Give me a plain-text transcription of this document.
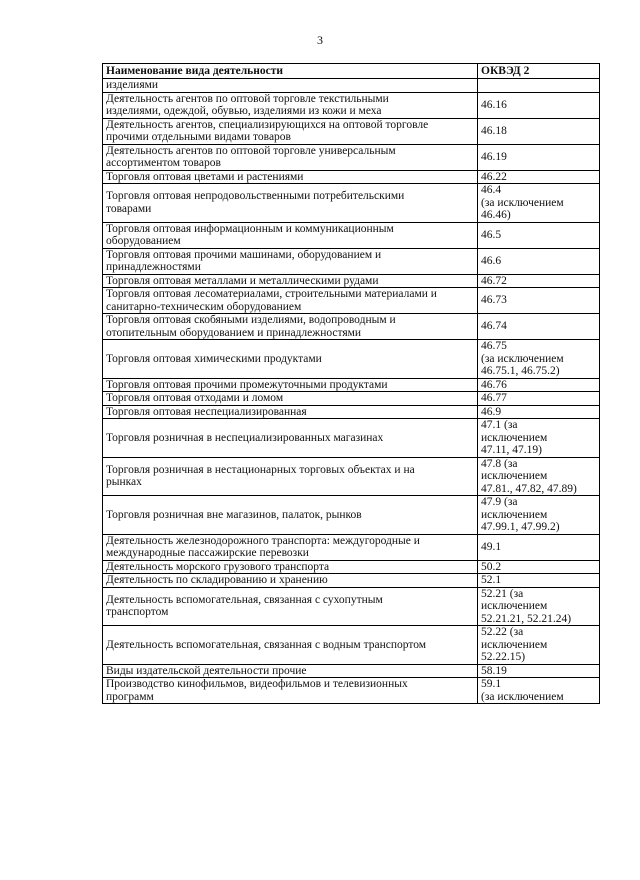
3
Наименование вида деятельности	ОКВЭД 2

изделиями	

Деятельность агентов по оптовой торговле текстильными
изделиями, одеждой, обувью, изделиями из кожи и меха	46.16

Деятельность агентов, специализирующихся на оптовой торговле
прочими отдельными видами товаров	46.18

Деятельность агентов по оптовой торговле универсальным
ассортиментом товаров	46.19

Торговля оптовая цветами и растениями	46.22

Торговля оптовая непродовольственными потребительскими
товарами	46.4
(за исключением
46.46)

Торговля оптовая информационным и коммуникационным
оборудованием	46.5

Торговля оптовая прочими машинами, оборудованием и
принадлежностями	46.6

Торговля оптовая металлами и металлическими рудами	46.72

Торговля оптовая лесоматериалами, строительными материалами и
санитарно-техническим оборудованием	46.73

Торговля оптовая скобяными изделиями, водопроводным и
отопительным оборудованием и принадлежностями	46.74

Торговля оптовая химическими продуктами	46.75
(за исключением
46.75.1, 46.75.2)

Торговля оптовая прочими промежуточными продуктами	46.76

Торговля оптовая отходами и ломом	46.77

Торговля оптовая неспециализированная	46.9

Торговля розничная в неспециализированных магазинах	47.1 (за
исключением
47.11, 47.19)

Торговля розничная в нестационарных торговых объектах и на
рынках	47.8 (за
исключением
47.81., 47.82, 47.89)

Торговля розничная вне магазинов, палаток, рынков	47.9 (за
исключением
47.99.1, 47.99.2)

Деятельность железнодорожного транспорта: междугородные и
международные пассажирские перевозки	49.1

Деятельность морского грузового транспорта	50.2

Деятельность по складированию и хранению	52.1

Деятельность вспомогательная, связанная с сухопутным
транспортом	52.21 (за
исключением
52.21.21, 52.21.24)

Деятельность вспомогательная, связанная с водным транспортом	52.22 (за
исключением
52.22.15)

Виды издательской деятельности прочие	58.19

Производство кинофильмов, видеофильмов и телевизионных
программ	59.1
(за исключением
